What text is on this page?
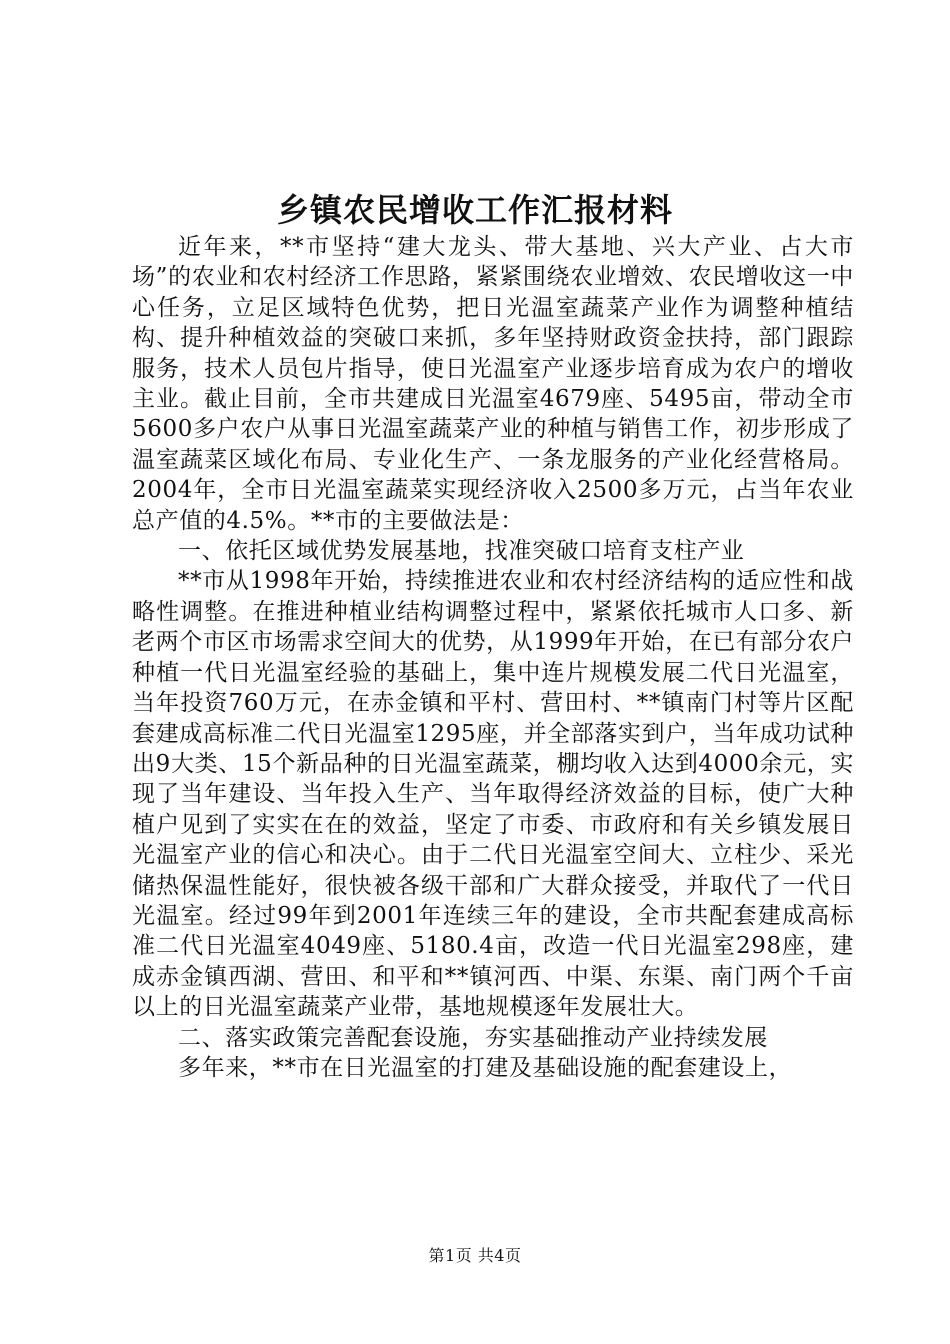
乡镇农民增收工作汇报材料

近年来，**市坚持“建大龙头、带大基地、兴大产业、占大市场”的农业和农村经济工作思路，紧紧围绕农业增效、农民增收这一中心任务，立足区域特色优势，把日光温室蔬菜产业作为调整种植结构、提升种植效益的突破口来抓，多年坚持财政资金扶持，部门跟踪服务，技术人员包片指导，使日光温室产业逐步培育成为农户的增收主业。截止目前，全市共建成日光温室4679座、5495亩，带动全市5600多户农户从事日光温室蔬菜产业的种植与销售工作，初步形成了温室蔬菜区域化布局、专业化生产、一条龙服务的产业化经营格局。2004年，全市日光温室蔬菜实现经济收入2500多万元，占当年农业总产值的4.5%。**市的主要做法是：

一、依托区域优势发展基地，找准突破口培育支柱产业

**市从1998年开始，持续推进农业和农村经济结构的适应性和战略性调整。在推进种植业结构调整过程中，紧紧依托城市人口多、新老两个市区市场需求空间大的优势，从1999年开始，在已有部分农户种植一代日光温室经验的基础上，集中连片规模发展二代日光温室，当年投资760万元，在赤金镇和平村、营田村、**镇南门村等片区配套建成高标准二代日光温室1295座，并全部落实到户，当年成功试种出9大类、15个新品种的日光温室蔬菜，棚均收入达到4000余元，实现了当年建设、当年投入生产、当年取得经济效益的目标，使广大种植户见到了实实在在的效益，坚定了市委、市政府和有关乡镇发展日光温室产业的信心和决心。由于二代日光温室空间大、立柱少、采光储热保温性能好，很快被各级干部和广大群众接受，并取代了一代日光温室。经过99年到2001年连续三年的建设，全市共配套建成高标准二代日光温室4049座、5180.4亩，改造一代日光温室298座，建成赤金镇西湖、营田、和平和**镇河西、中渠、东渠、南门两个千亩以上的日光温室蔬菜产业带，基地规模逐年发展壮大。

二、落实政策完善配套设施，夯实基础推动产业持续发展

多年来，**市在日光温室的打建及基础设施的配套建设上，

第1页 共4页
